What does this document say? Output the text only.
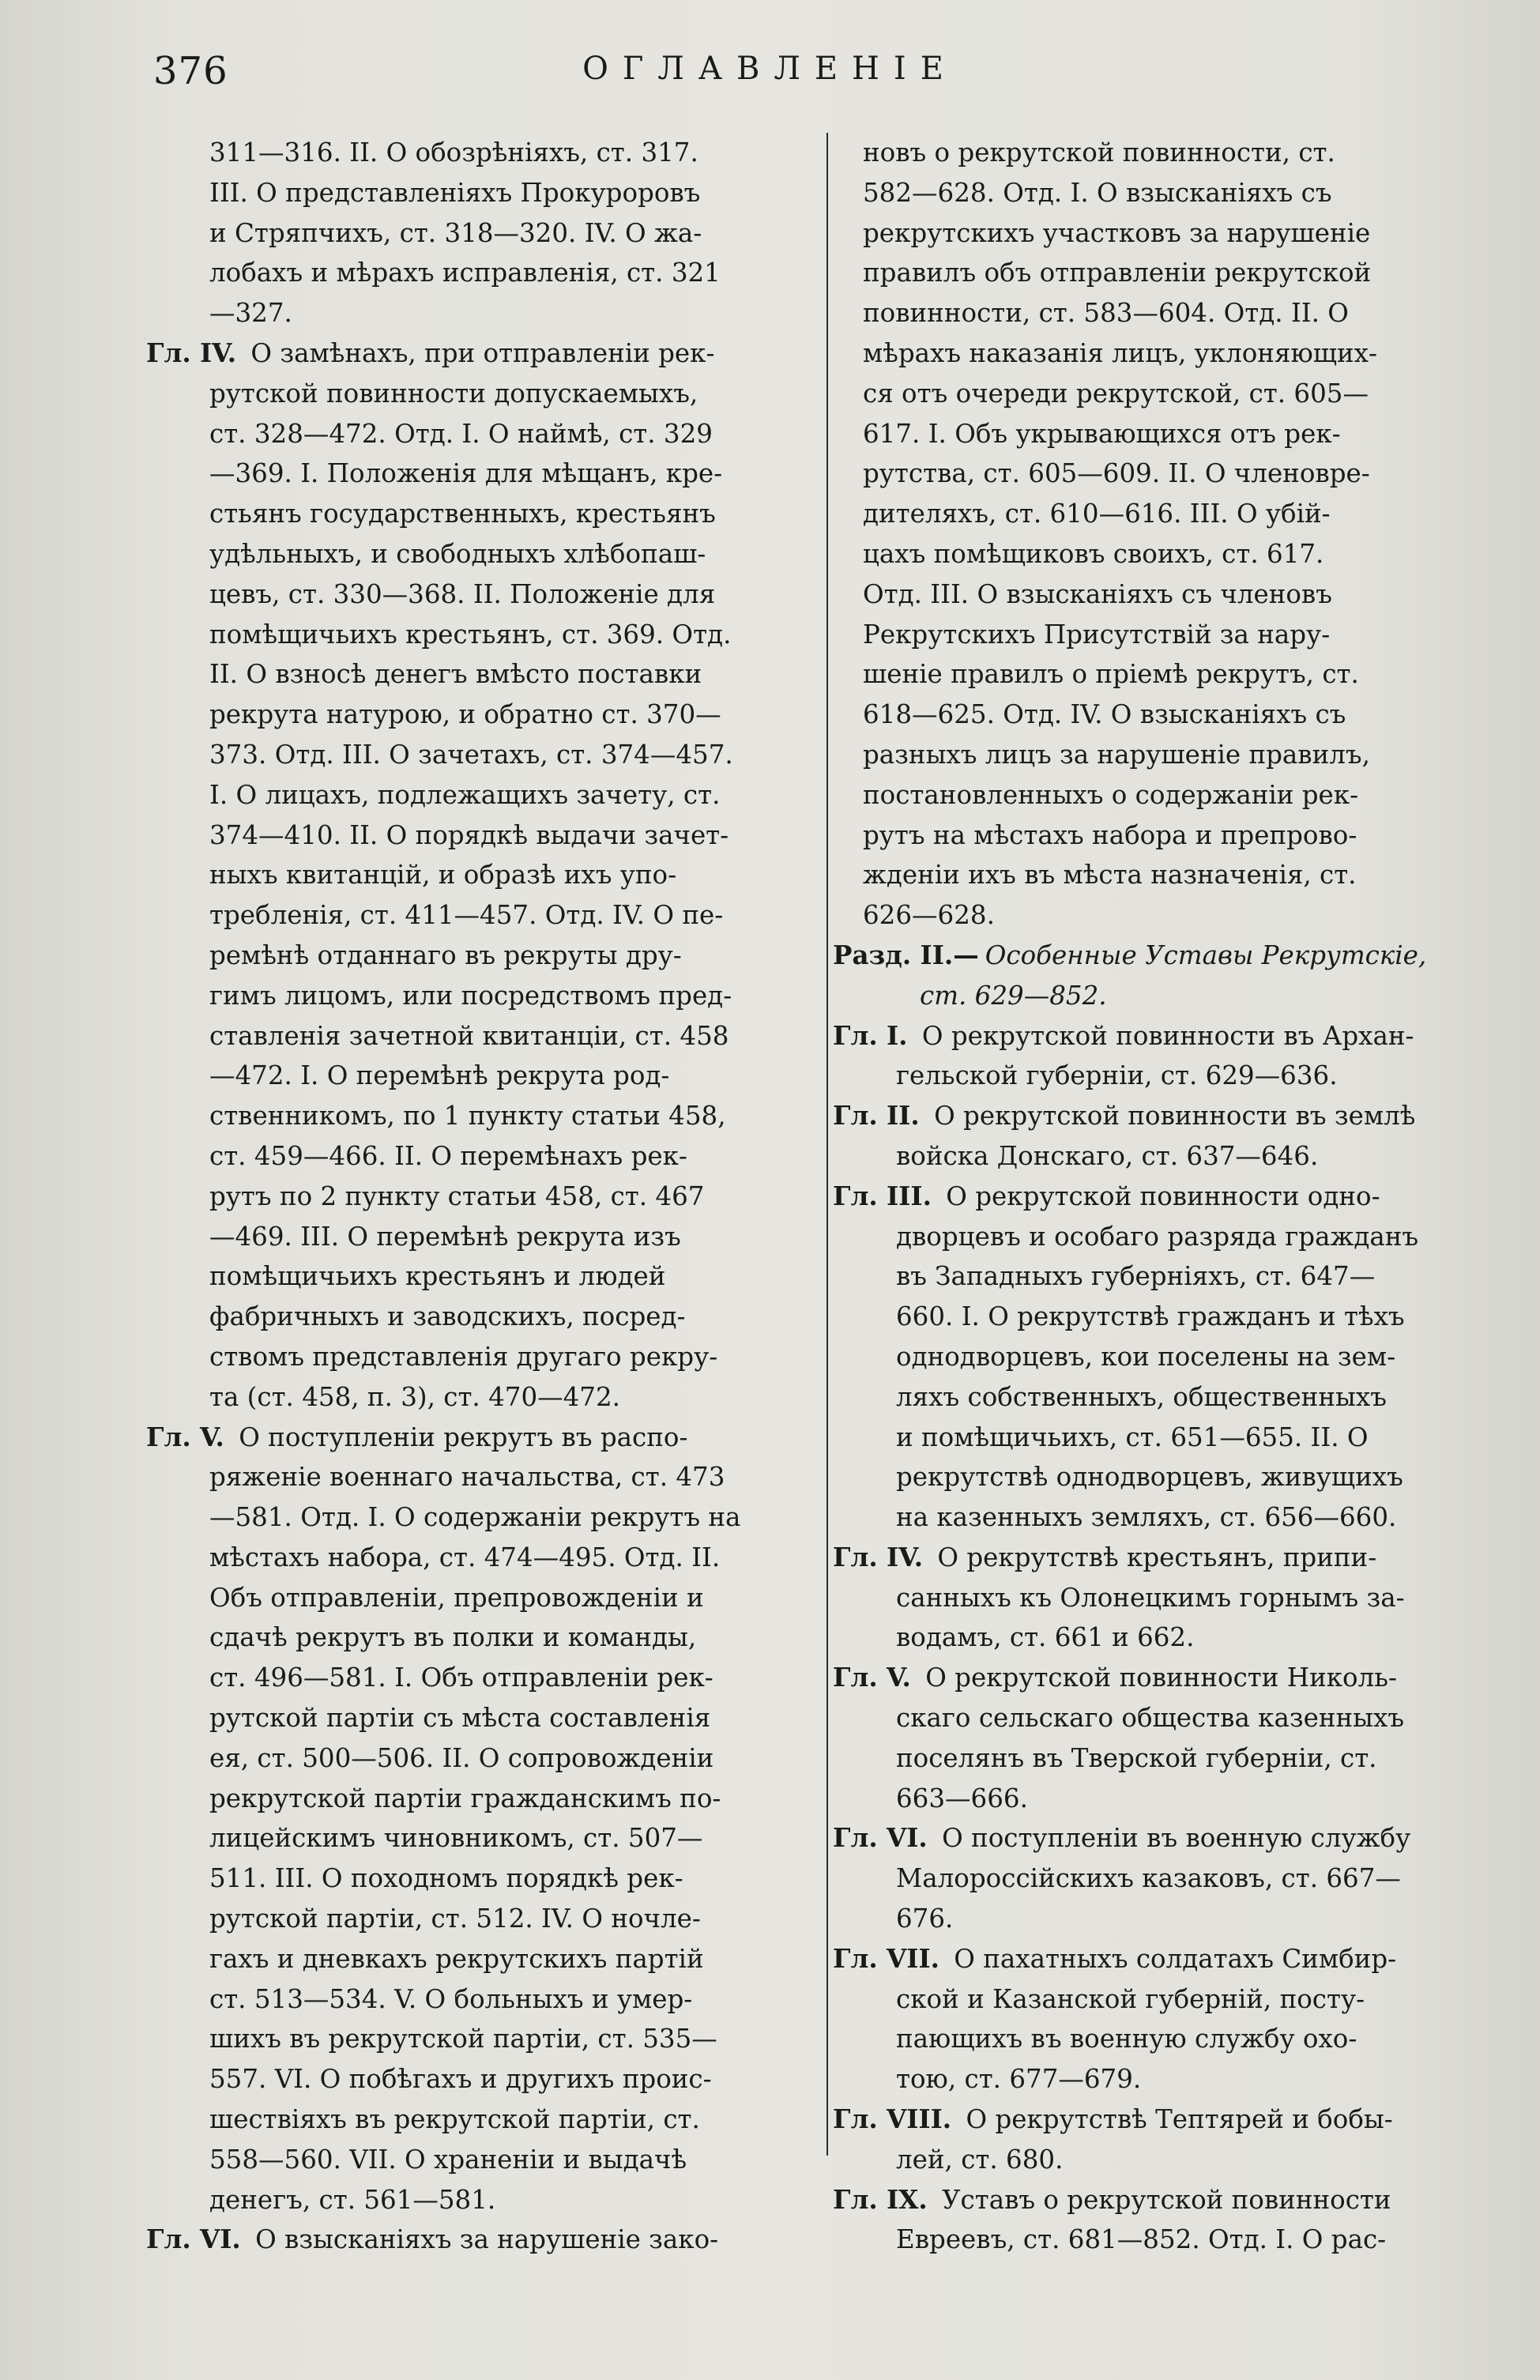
376	ОГЛАВЛЕНІЕ
311—316. II. О обозрѣніяхъ, ст. 317.
III. О представленіяхъ Прокуроровъ
и Стряпчихъ, ст. 318—320. IV. О жа-
лобахъ и мѣрахъ исправленія, ст. 321
—327.
Гл. IV. О замѣнахъ, при отправленіи рек-
рутской повинности допускаемыхъ,
ст. 328—472. Отд. I. О наймѣ, ст. 329
—369. I. Положенія для мѣщанъ, кре-
стьянъ государственныхъ, крестьянъ
удѣльныхъ, и свободныхъ хлѣбопаш-
цевъ, ст. 330—368. II. Положеніе для
помѣщичьихъ крестьянъ, ст. 369. Отд.
II. О взносѣ денегъ вмѣсто поставки
рекрута натурою, и обратно ст. 370—
373. Отд. III. О зачетахъ, ст. 374—457.
I. О лицахъ, подлежащихъ зачету, ст.
374—410. II. О порядкѣ выдачи зачет-
ныхъ квитанцій, и образѣ ихъ упо-
требленія, ст. 411—457. Отд. IV. О пе-
ремѣнѣ отданнаго въ рекруты дру-
гимъ лицомъ, или посредствомъ пред-
ставленія зачетной квитанціи, ст. 458
—472. I. О перемѣнѣ рекрута род-
ственникомъ, по 1 пункту статьи 458,
ст. 459—466. II. О перемѣнахъ рек-
рутъ по 2 пункту статьи 458, ст. 467
—469. III. О перемѣнѣ рекрута изъ
помѣщичьихъ крестьянъ и людей
фабричныхъ и заводскихъ, посред-
ствомъ представленія другаго рекру-
та (ст. 458, п. 3), ст. 470—472.
Гл. V. О поступленіи рекрутъ въ распо-
ряженіе военнаго начальства, ст. 473
—581. Отд. I. О содержаніи рекрутъ на
мѣстахъ набора, ст. 474—495. Отд. II.
Объ отправленіи, препровожденіи и
сдачѣ рекрутъ въ полки и команды,
ст. 496—581. I. Объ отправленіи рек-
рутской партіи съ мѣста составленія
ея, ст. 500—506. II. О сопровожденіи
рекрутской партіи гражданскимъ по-
лицейскимъ чиновникомъ, ст. 507—
511. III. О походномъ порядкѣ рек-
рутской партіи, ст. 512. IV. О ночле-
гахъ и дневкахъ рекрутскихъ партій
ст. 513—534. V. О больныхъ и умер-
шихъ въ рекрутской партіи, ст. 535—
557. VI. О побѣгахъ и другихъ проис-
шествіяхъ въ рекрутской партіи, ст.
558—560. VII. О храненіи и выдачѣ
денегъ, ст. 561—581.
Гл. VI. О взысканіяхъ за нарушеніе зако-
новъ о рекрутской повинности, ст.
582—628. Отд. I. О взысканіяхъ съ
рекрутскихъ участковъ за нарушеніе
правилъ объ отправленіи рекрутской
повинности, ст. 583—604. Отд. II. О
мѣрахъ наказанія лицъ, уклоняющих-
ся отъ очереди рекрутской, ст. 605—
617. I. Объ укрывающихся отъ рек-
рутства, ст. 605—609. II. О членовре-
дителяхъ, ст. 610—616. III. О убій-
цахъ помѣщиковъ своихъ, ст. 617.
Отд. III. О взысканіяхъ съ членовъ
Рекрутскихъ Присутствій за нару-
шеніе правилъ о пріемѣ рекрутъ, ст.
618—625. Отд. IV. О взысканіяхъ съ
разныхъ лицъ за нарушеніе правилъ,
постановленныхъ о содержаніи рек-
рутъ на мѣстахъ набора и препрово-
жденіи ихъ въ мѣста назначенія, ст.
626—628.
Разд. II.— Особенные Уставы Рекрутскіе,
ст. 629—852.
Гл. I. О рекрутской повинности въ Архан-
гельской губерніи, ст. 629—636.
Гл. II. О рекрутской повинности въ землѣ
войска Донскаго, ст. 637—646.
Гл. III. О рекрутской повинности одно-
дворцевъ и особаго разряда гражданъ
въ Западныхъ губерніяхъ, ст. 647—
660. I. О рекрутствѣ гражданъ и тѣхъ
однодворцевъ, кои поселены на зем-
ляхъ собственныхъ, общественныхъ
и помѣщичьихъ, ст. 651—655. II. О
рекрутствѣ однодворцевъ, живущихъ
на казенныхъ земляхъ, ст. 656—660.
Гл. IV. О рекрутствѣ крестьянъ, припи-
санныхъ къ Олонецкимъ горнымъ за-
водамъ, ст. 661 и 662.
Гл. V. О рекрутской повинности Николь-
скаго сельскаго общества казенныхъ
поселянъ въ Тверской губерніи, ст.
663—666.
Гл. VI. О поступленіи въ военную службу
Малороссійскихъ казаковъ, ст. 667—
676.
Гл. VII. О пахатныхъ солдатахъ Симбир-
ской и Казанской губерній, посту-
пающихъ въ военную службу охо-
тою, ст. 677—679.
Гл. VIII. О рекрутствѣ Тептярей и бобы-
лей, ст. 680.
Гл. IX. Уставъ о рекрутской повинности
Евреевъ, ст. 681—852. Отд. I. О рас-
